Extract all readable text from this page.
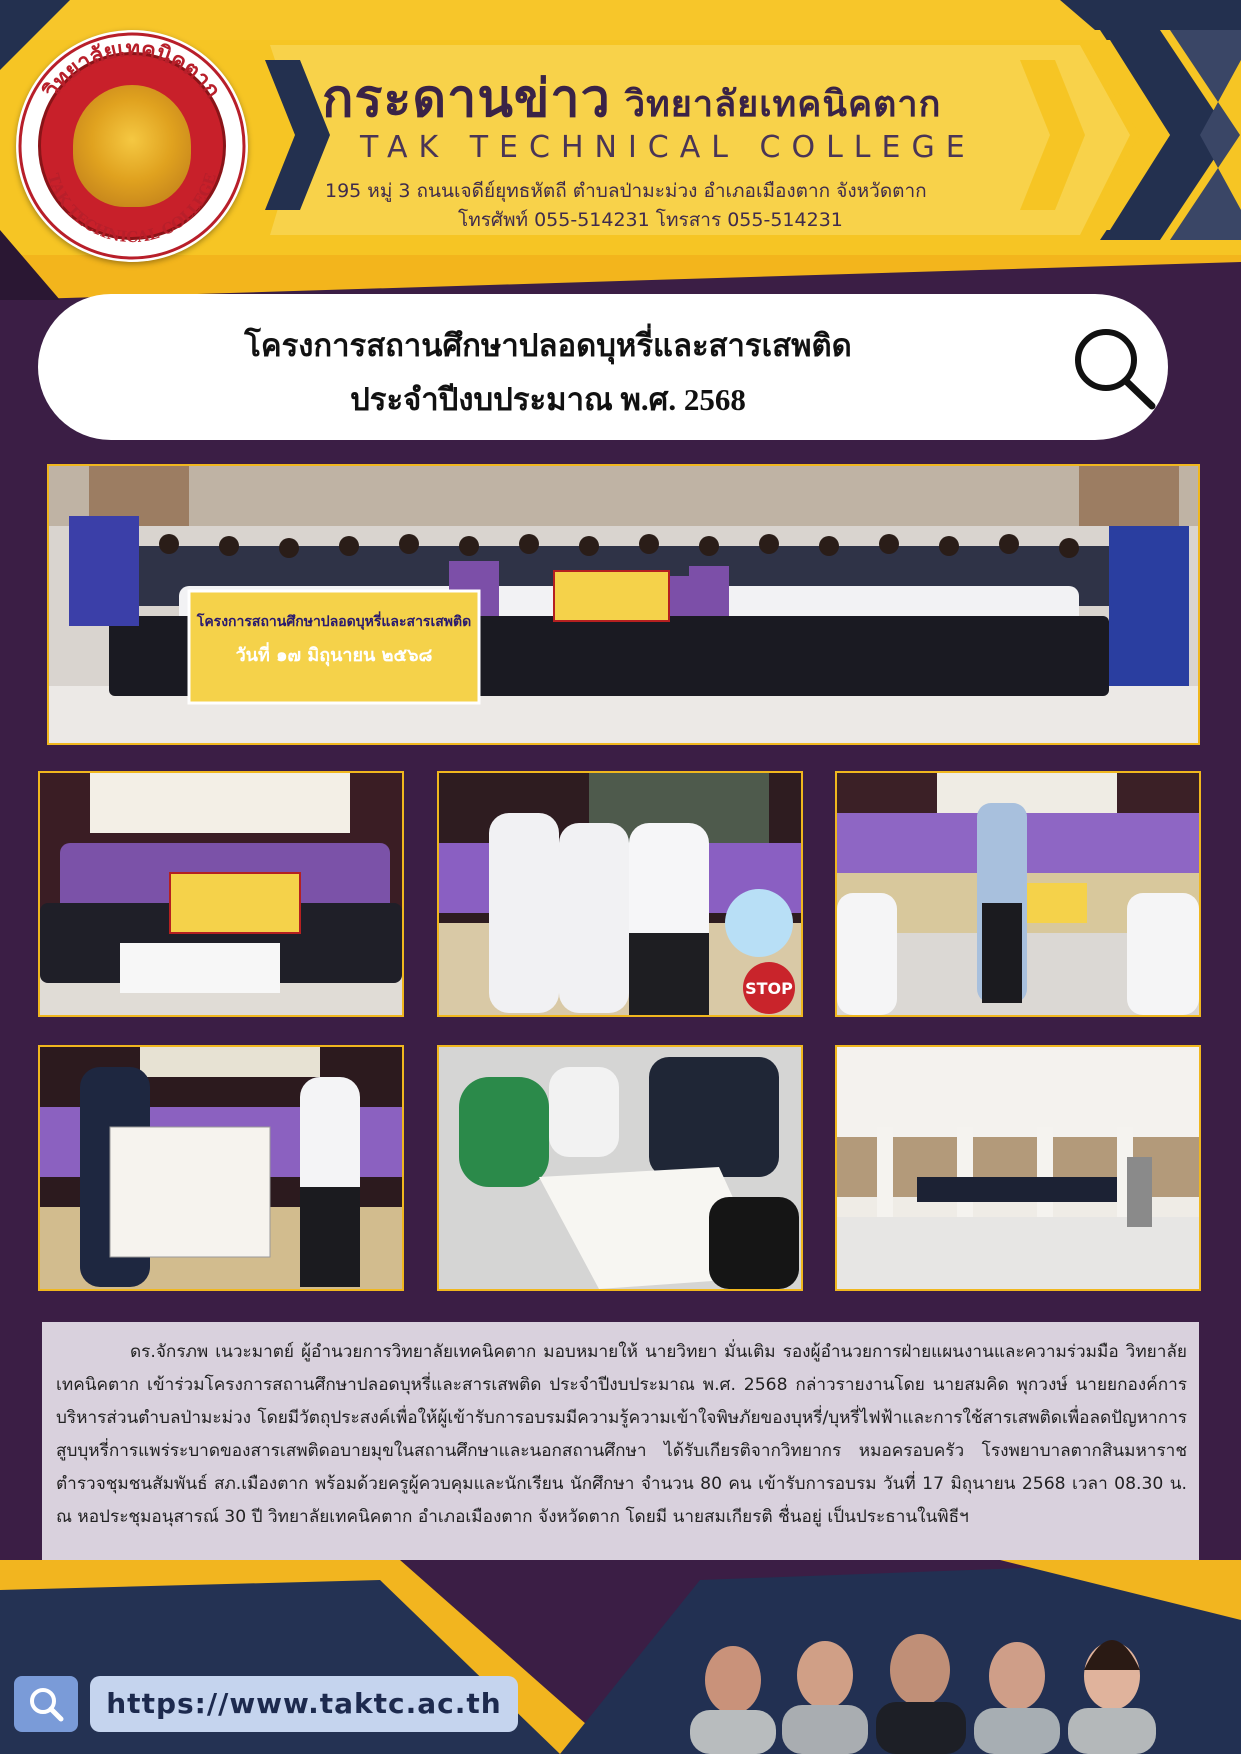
วิทยาลัยเทคนิคตาก
TAK TECHNICAL COLLEGE
กระดานข่าว วิทยาลัยเทคนิคตาก
TAK TECHNICAL COLLEGE
195 หมู่ 3 ถนนเจดีย์ยุทธหัตถี ตำบลป่ามะม่วง อำเภอเมืองตาก จังหวัดตาก
โทรศัพท์ 055-514231 โทรสาร 055-514231
โครงการสถานศึกษาปลอดบุหรี่และสารเสพติด
ประจำปีงบประมาณ พ.ศ. 2568
โครงการสถานศึกษาปลอดบุหรี่และสารเสพติด
วันที่ ๑๗ มิถุนายน ๒๕๖๘
STOP

ดร.จักรภพ เนวะมาตย์ ผู้อำนวยการวิทยาลัยเทคนิคตาก มอบหมายให้ นายวิทยา มั่นเติม รองผู้อำนวยการฝ่ายแผนงานและความร่วมมือ วิทยาลัยเทคนิคตาก เข้าร่วมโครงการสถานศึกษาปลอดบุหรี่และสารเสพติด ประจำปีงบประมาณ พ.ศ. 2568 กล่าวรายงานโดย นายสมคิด พุกวงษ์ นายยกองค์การบริหารส่วนตำบลป่ามะม่วง โดยมีวัตถุประสงค์เพื่อให้ผู้เข้ารับการอบรมมีความรู้ความเข้าใจพิษภัยของบุหรี่/บุหรี่ไฟฟ้าและการใช้สารเสพติดเพื่อลดปัญหาการสูบบุหรี่การแพร่ระบาดของสารเสพติดอบายมุขในสถานศึกษาและนอกสถานศึกษา ได้รับเกียรติจากวิทยากร หมอครอบครัว โรงพยาบาลตากสินมหาราช ตำรวจชุมชนสัมพันธ์ สภ.เมืองตาก พร้อมด้วยครูผู้ควบคุมและนักเรียน นักศึกษา จำนวน 80 คน เข้ารับการอบรม วันที่ 17 มิถุนายน 2568 เวลา 08.30 น. ณ หอประชุมอนุสารณ์ 30 ปี วิทยาลัยเทคนิคตาก อำเภอเมืองตาก จังหวัดตาก โดยมี นายสมเกียรติ ชื่นอยู่ เป็นประธานในพิธีฯ

https://www.taktc.ac.th
